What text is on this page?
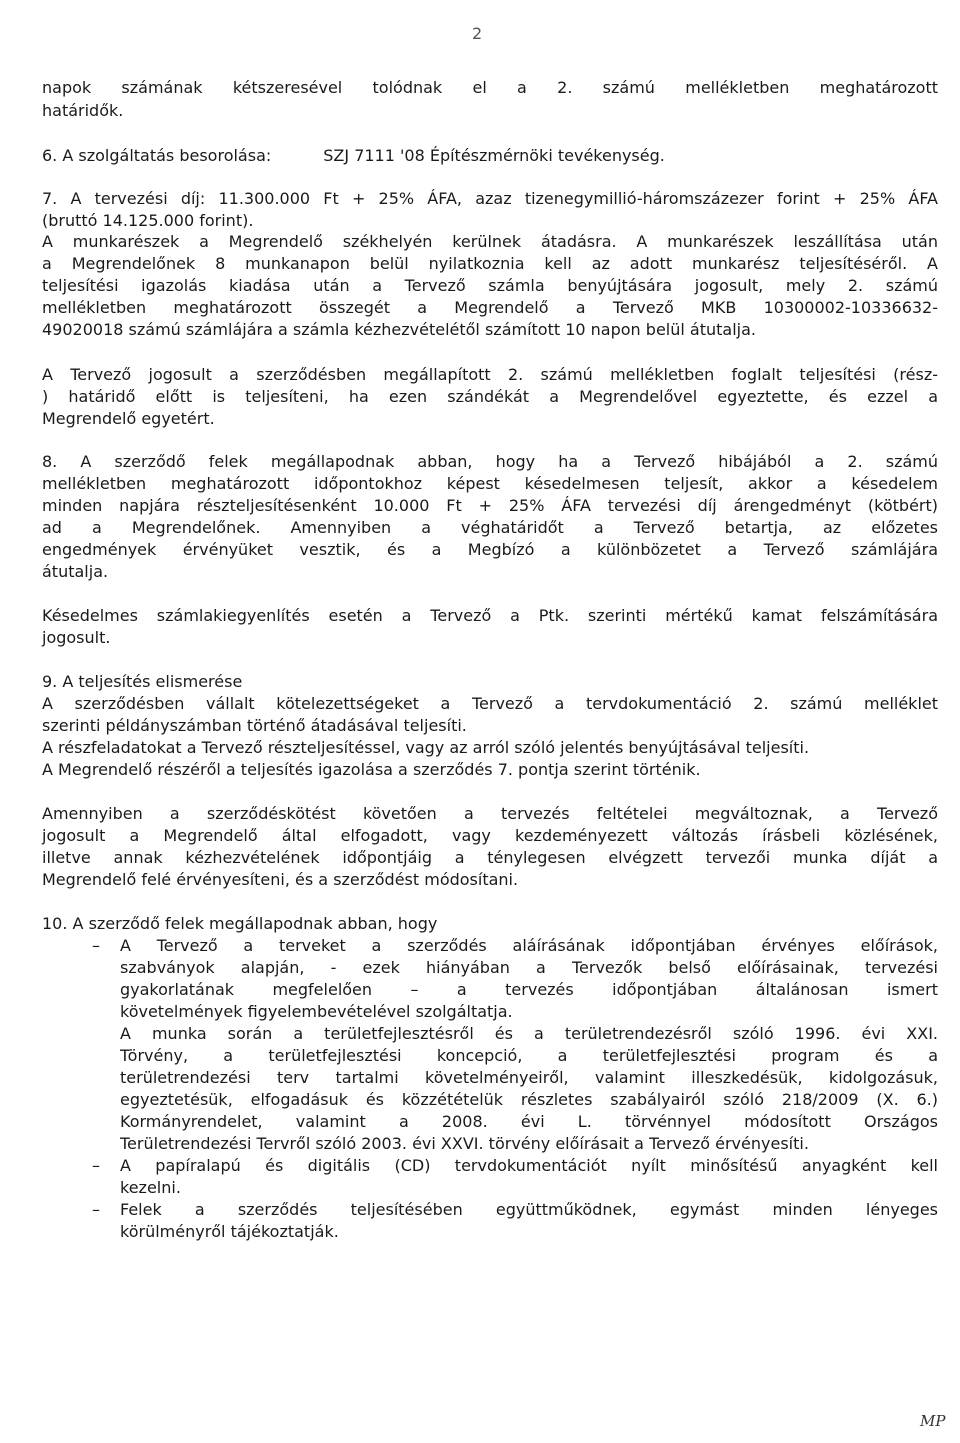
2
napok számának kétszeresével tolódnak el a 2. számú mellékletben meghatározott
határidők.
6. A szolgáltatás besorolása:	SZJ 7111 '08 Építészmérnöki tevékenység.
7. A tervezési díj: 11.300.000 Ft + 25% ÁFA, azaz tizenegymillió-háromszázezer forint + 25% ÁFA
(bruttó 14.125.000 forint).
A munkarészek a Megrendelő székhelyén kerülnek átadásra. A munkarészek leszállítása után
a Megrendelőnek 8 munkanapon belül nyilatkoznia kell az adott munkarész teljesítéséről. A
teljesítési igazolás kiadása után a Tervező számla benyújtására jogosult, mely 2. számú
mellékletben meghatározott összegét a Megrendelő a Tervező MKB 10300002-10336632-
49020018 számú számlájára a számla kézhezvételétől számított 10 napon belül átutalja.
A Tervező jogosult a szerződésben megállapított 2. számú mellékletben foglalt teljesítési (rész-
) határidő előtt is teljesíteni, ha ezen szándékát a Megrendelővel egyeztette, és ezzel a
Megrendelő egyetért.
8. A szerződő felek megállapodnak abban, hogy ha a Tervező hibájából a 2. számú
mellékletben meghatározott időpontokhoz képest késedelmesen teljesít, akkor a késedelem
minden napjára részteljesítésenként 10.000 Ft + 25% ÁFA tervezési díj árengedményt (kötbért)
ad a Megrendelőnek. Amennyiben a véghatáridőt a Tervező betartja, az előzetes
engedmények érvényüket vesztik, és a Megbízó a különbözetet a Tervező számlájára
átutalja.
Késedelmes számlakiegyenlítés esetén a Tervező a Ptk. szerinti mértékű kamat felszámítására
jogosult.
9. A teljesítés elismerése
A szerződésben vállalt kötelezettségeket a Tervező a tervdokumentáció 2. számú melléklet
szerinti példányszámban történő átadásával teljesíti.
A részfeladatokat a Tervező részteljesítéssel, vagy az arról szóló jelentés benyújtásával teljesíti.
A Megrendelő részéről a teljesítés igazolása a szerződés 7. pontja szerint történik.
Amennyiben a szerződéskötést követően a tervezés feltételei megváltoznak, a Tervező
jogosult a Megrendelő által elfogadott, vagy kezdeményezett változás írásbeli közlésének,
illetve annak kézhezvételének időpontjáig a ténylegesen elvégzett tervezői munka díját a
Megrendelő felé érvényesíteni, és a szerződést módosítani.
10. A szerződő felek megállapodnak abban, hogy
– A Tervező a terveket a szerződés aláírásának időpontjában érvényes előírások,
szabványok alapján, - ezek hiányában a Tervezők belső előírásainak, tervezési
gyakorlatának megfelelően – a tervezés időpontjában általánosan ismert
követelmények figyelembevételével szolgáltatja.
A munka során a területfejlesztésről és a területrendezésről szóló 1996. évi XXI.
Törvény, a területfejlesztési koncepció, a területfejlesztési program és a
területrendezési terv tartalmi követelményeiről, valamint illeszkedésük, kidolgozásuk,
egyeztetésük, elfogadásuk és közzétételük részletes szabályairól szóló 218/2009 (X. 6.)
Kormányrendelet, valamint a 2008. évi L. törvénnyel módosított Országos
Területrendezési Tervről szóló 2003. évi XXVI. törvény előírásait a Tervező érvényesíti.
– A papíralapú és digitális (CD) tervdokumentációt nyílt minősítésű anyagként kell
kezelni.
– Felek a szerződés teljesítésében együttműködnek, egymást minden lényeges
körülményről tájékoztatják.
MP
